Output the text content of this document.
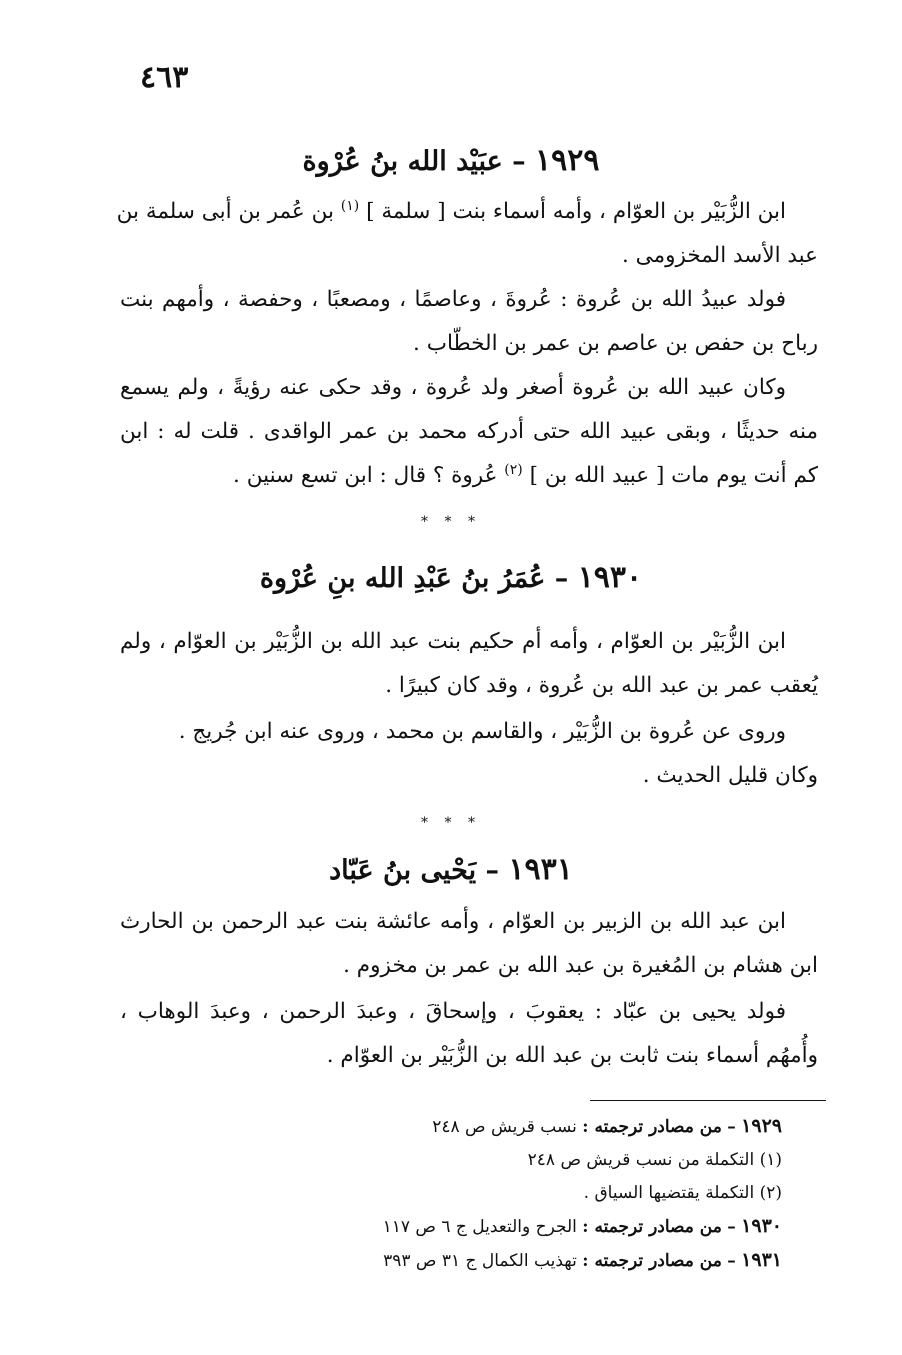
٤٦٣
١٩٢٩ – عبَيْد الله بنُ عُرْوة
ابن الزُّبَيْر بن العوّام ، وأمه أسماء بنت [ سلمة ] $^{(١)}$ بن عُمر بن أبى سلمة بن
عبد الأسد المخزومى .
فولد عبيدُ الله بن عُروة : عُروةَ ، وعاصمًا ، ومصعبًا ، وحفصة ، وأمهم بنت
رباح بن حفص بن عاصم بن عمر بن الخطّاب .
وكان عبيد الله بن عُروة أصغر ولد عُروة ، وقد حكى عنه رؤيةً ، ولم يسمع
منه حديثًا ، وبقى عبيد الله حتى أدركه محمد بن عمر الواقدى . قلت له : ابن
كم أنت يوم مات [ عبيد الله بن ] $^{(٢)}$ عُروة ؟ قال : ابن تسع سنين .
* * *
١٩٣٠ – عُمَرُ بنُ عَبْدِ الله بنِ عُرْوة
ابن الزُّبَيْر بن العوّام ، وأمه أم حكيم بنت عبد الله بن الزُّبَيْر بن العوّام ، ولم
يُعقب عمر بن عبد الله بن عُروة ، وقد كان كبيرًا .
وروى عن عُروة بن الزُّبَيْر ، والقاسم بن محمد ، وروى عنه ابن جُريج .
وكان قليل الحديث .
* * *
١٩٣١ – يَحْيى بنُ عَبّاد
ابن عبد الله بن الزبير بن العوّام ، وأمه عائشة بنت عبد الرحمن بن الحارث
ابن هشام بن المُغيرة بن عبد الله بن عمر بن مخزوم .
فولد يحيى بن عبّاد : يعقوبَ ، وإسحاقَ ، وعبدَ الرحمن ، وعبدَ الوهاب ،
وأُمهُم أسماء بنت ثابت بن عبد الله بن الزُّبَيْر بن العوّام .
١٩٢٩ – من مصادر ترجمته : نسب قريش ص ٢٤٨
(١) التكملة من نسب قريش ص ٢٤٨
(٢) التكملة يقتضيها السياق .
١٩٣٠ – من مصادر ترجمته : الجرح والتعديل ج ٦ ص ١١٧
١٩٣١ – من مصادر ترجمته : تهذيب الكمال ج ٣١ ص ٣٩٣
